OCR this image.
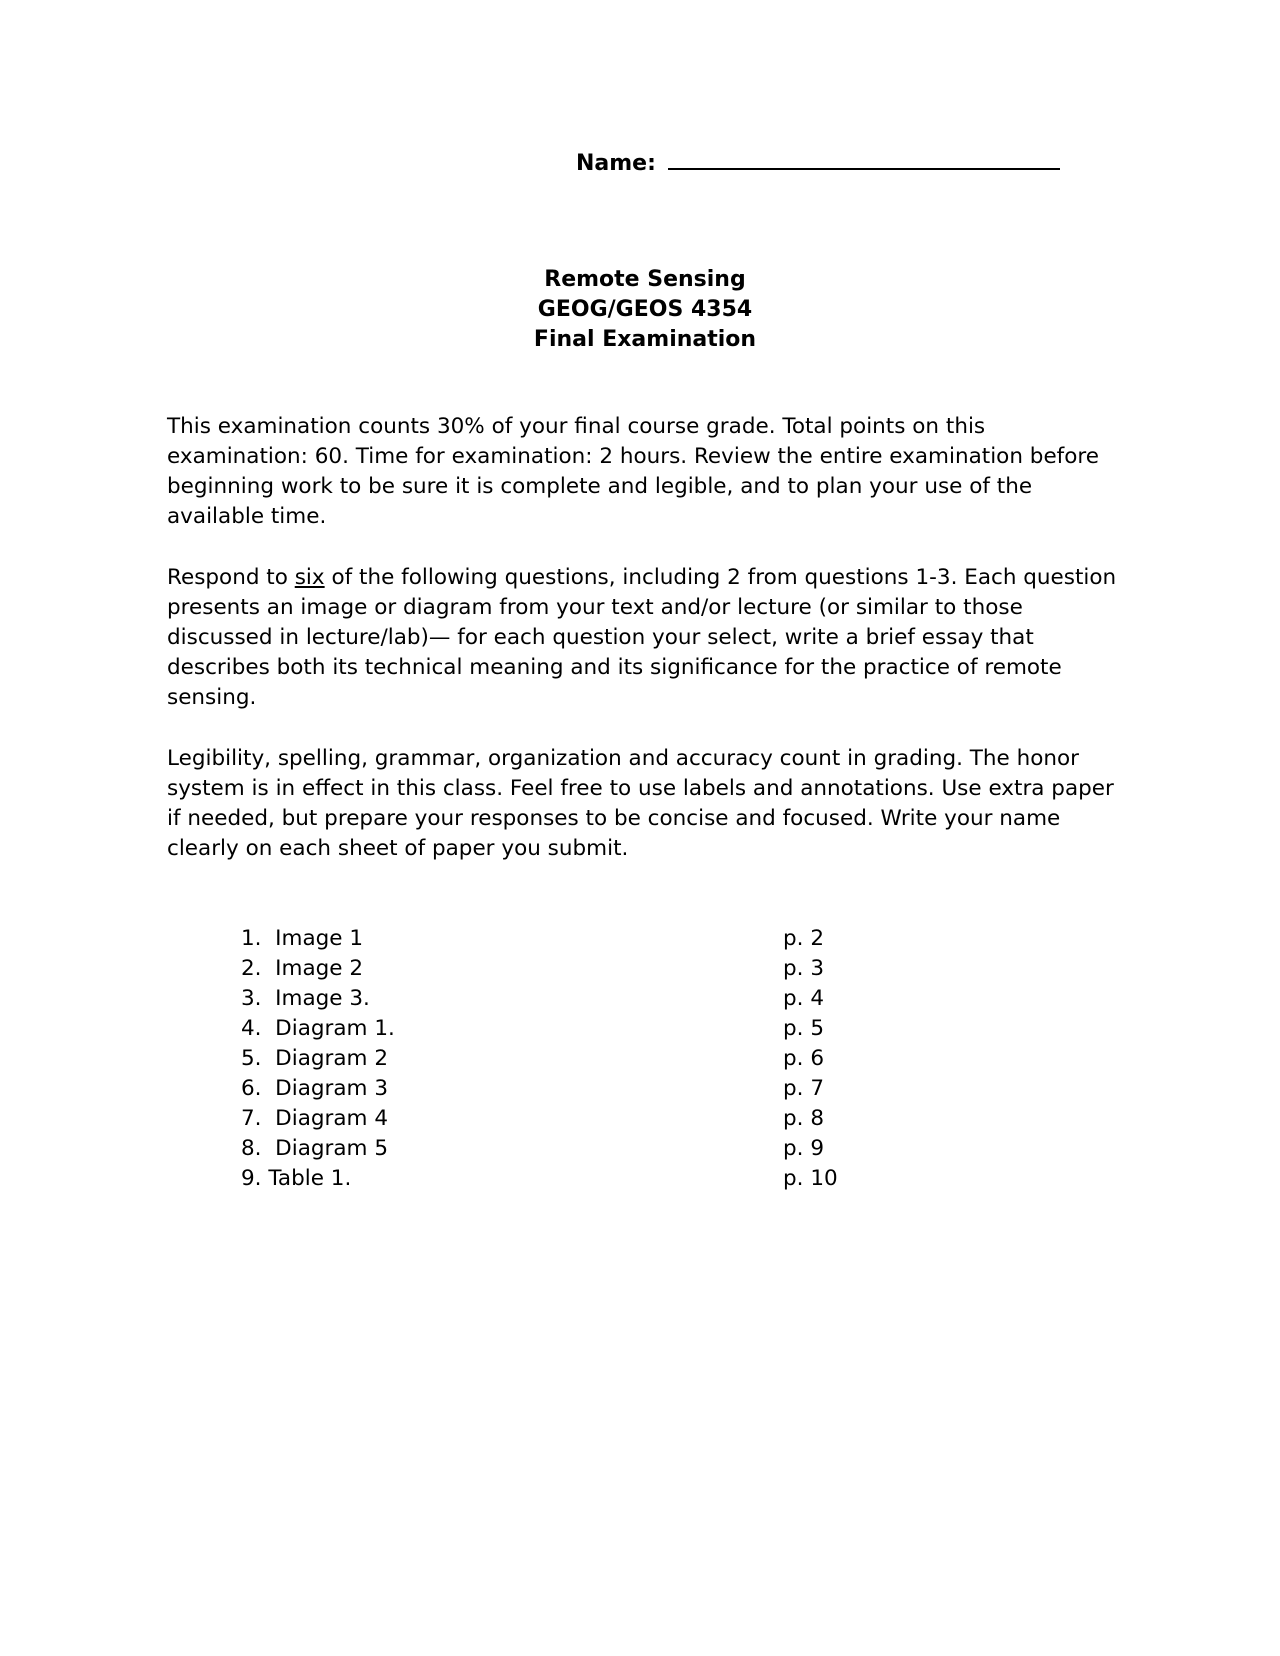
Name:
Remote Sensing
GEOG/GEOS 4354
Final Examination

This examination counts 30% of your final course grade. Total points on this examination: 60. Time for examination: 2 hours. Review the entire examination before beginning work to be sure it is complete and legible, and to plan your use of the available time.

Respond to six of the following questions, including 2 from questions 1-3. Each question presents an image or diagram from your text and/or lecture (or similar to those discussed in lecture/lab)— for each question your select, write a brief essay that describes both its technical meaning and its significance for the practice of remote sensing.

Legibility, spelling, grammar, organization and accuracy count in grading. The honor system is in effect in this class. Feel free to use labels and annotations. Use extra paper if needed, but prepare your responses to be concise and focused. Write your name clearly on each sheet of paper you submit.

1.  Image 1	p. 2
2.  Image 2	p. 3
3.  Image 3.	p. 4
4.  Diagram 1.	p. 5
5.  Diagram 2	p. 6
6.  Diagram 3	p. 7
7.  Diagram 4	p. 8
8.  Diagram 5	p. 9
9. Table 1.	p. 10
